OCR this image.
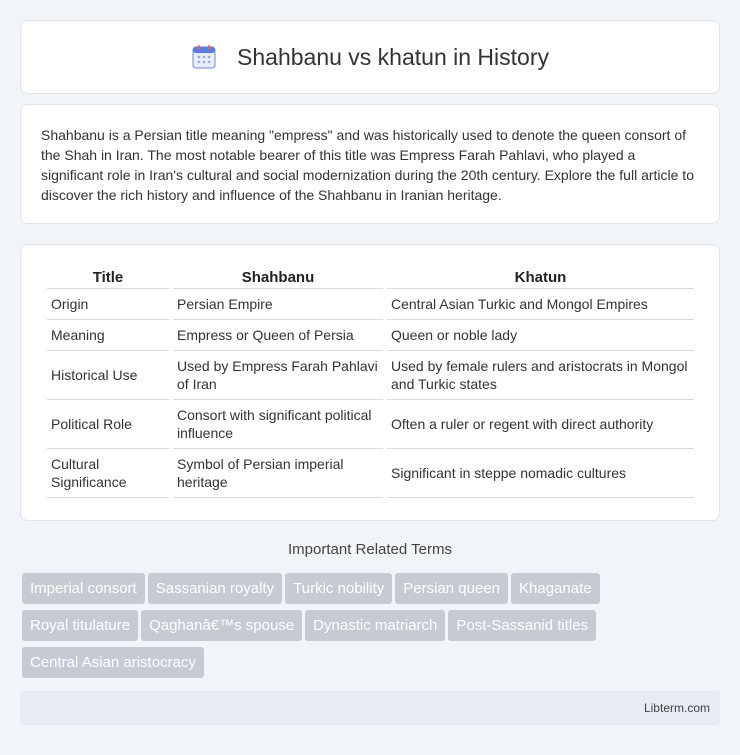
Shahbanu vs khatun in History

Shahbanu is a Persian title meaning "empress" and was historically used to denote the queen consort of the Shah in Iran. The most notable bearer of this title was Empress Farah Pahlavi, who played a significant role in Iran's cultural and social modernization during the 20th century. Explore the full article to discover the rich history and influence of the Shahbanu in Iranian heritage.

Title	Shahbanu	Khatun
Origin	Persian Empire	Central Asian Turkic and Mongol Empires
Meaning	Empress or Queen of Persia	Queen or noble lady
Historical Use	Used by Empress Farah Pahlavi of Iran	Used by female rulers and aristocrats in Mongol and Turkic states
Political Role	Consort with significant political influence	Often a ruler or regent with direct authority
Cultural Significance	Symbol of Persian imperial heritage	Significant in steppe nomadic cultures
Important Related Terms
Imperial consort Sassanian royalty Turkic nobility Persian queen Khaganate
Royal titulature Qaghanâ€™s spouse Dynastic matriarch Post-Sassanid titles
Central Asian aristocracy
Libterm.com
